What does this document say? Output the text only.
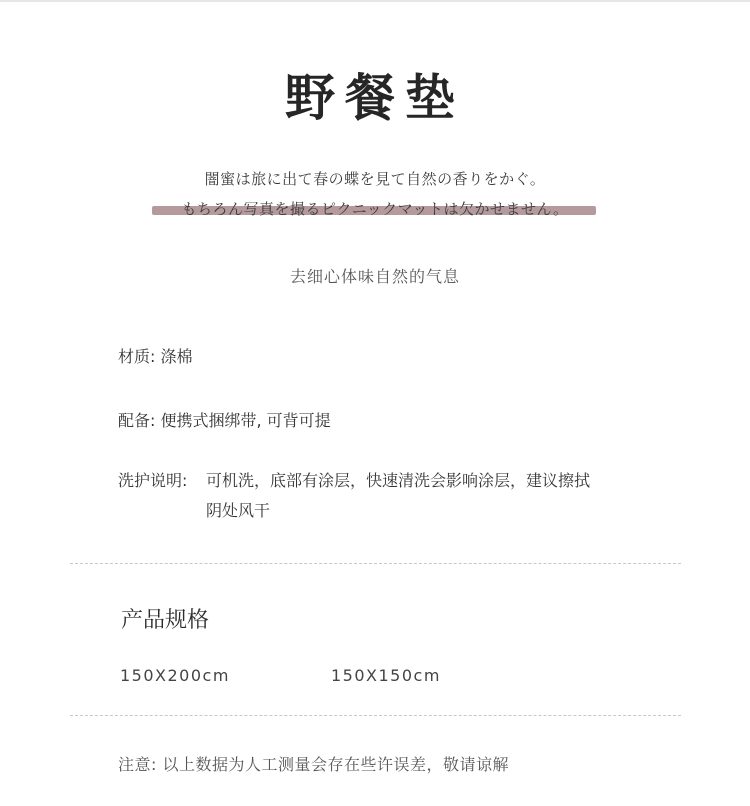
野餐垫
闇蜜は旅に出て春の蝶を見て自然の香りをかぐ。
もちろん写真を撮るピクニックマットは欠かせません。
去细心体味自然的气息
材质: 涤棉
配备: 便携式捆绑带, 可背可提
洗护说明: 可机洗，底部有涂层，快速清洗会影响涂层，建议擦拭
阴处风干
产品规格
150X200cm	150X150cm
注意: 以上数据为人工测量会存在些许误差，敬请谅解
